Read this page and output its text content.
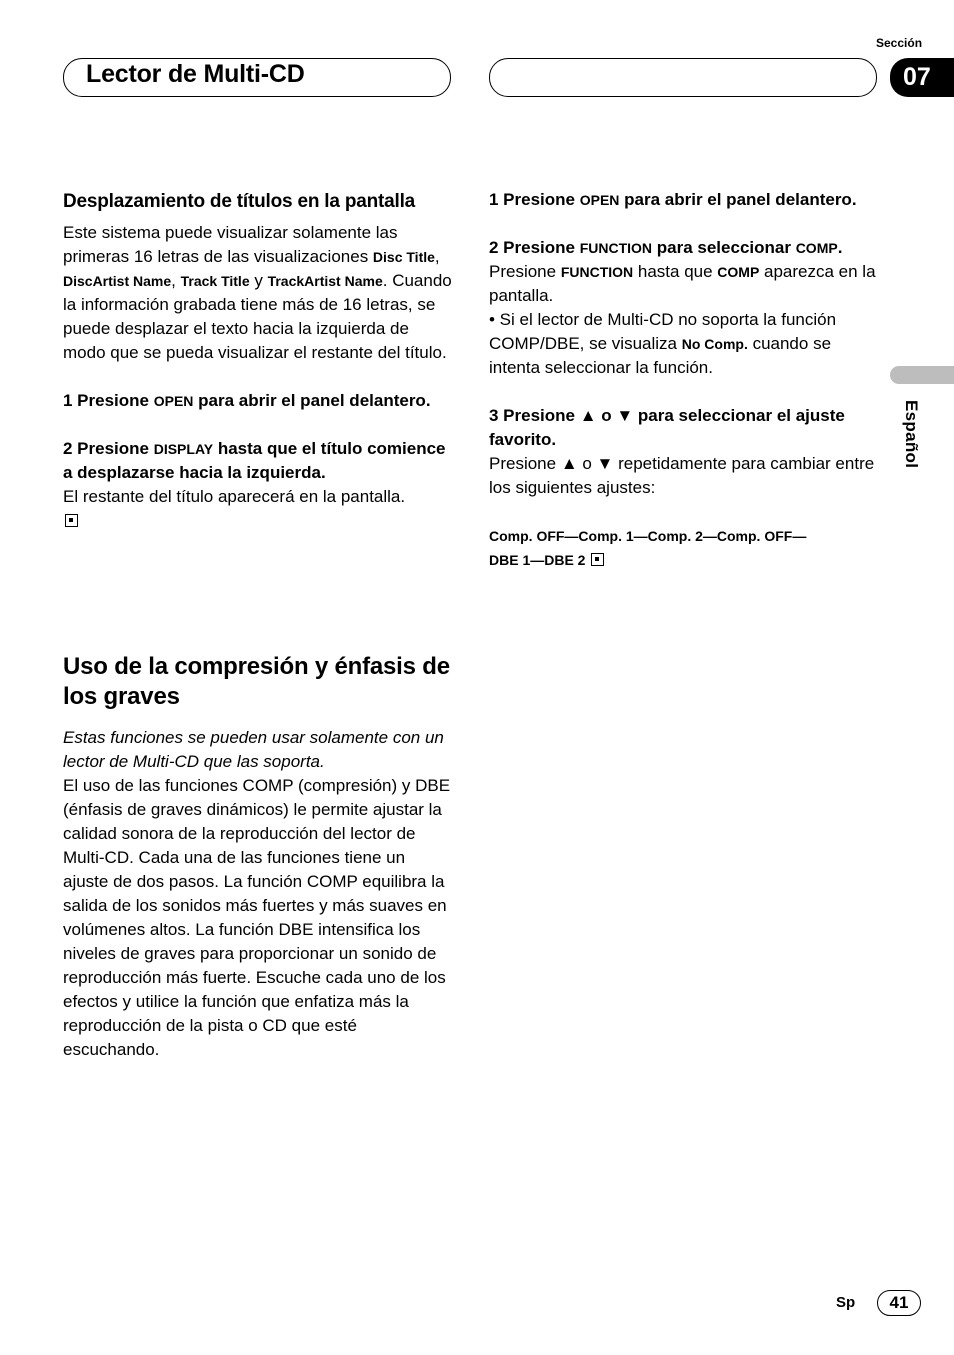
Lector de Multi-CD
Sección
07
Español

Desplazamiento de títulos en la pantalla

Este sistema puede visualizar solamente las primeras 16 letras de las visualizaciones Disc Title, DiscArtist Name, Track Title y TrackArtist Name. Cuando la información grabada tiene más de 16 letras, se puede desplazar el texto hacia la izquierda de modo que se pueda visualizar el restante del título.

1 Presione OPEN para abrir el panel delantero.

2 Presione DISPLAY hasta que el título comience a desplazarse hacia la izquierda.

El restante del título aparecerá en la pantalla.

Uso de la compresión y énfasis de los graves

Estas funciones se pueden usar solamente con un lector de Multi-CD que las soporta.

El uso de las funciones COMP (compresión) y DBE (énfasis de graves dinámicos) le permite ajustar la calidad sonora de la reproducción del lector de Multi-CD. Cada una de las funciones tiene un ajuste de dos pasos. La función COMP equilibra la salida de los sonidos más fuertes y más suaves en volúmenes altos. La función DBE intensifica los niveles de graves para proporcionar un sonido de reproducción más fuerte. Escuche cada uno de los efectos y utilice la función que enfatiza más la reproducción de la pista o CD que esté escuchando.

1 Presione OPEN para abrir el panel delantero.

2 Presione FUNCTION para seleccionar COMP.

Presione FUNCTION hasta que COMP aparezca en la pantalla.

• Si el lector de Multi-CD no soporta la función COMP/DBE, se visualiza No Comp. cuando se intenta seleccionar la función.

3 Presione ▲ o ▼ para seleccionar el ajuste favorito.

Presione ▲ o ▼ repetidamente para cambiar entre los siguientes ajustes:

Comp. OFF—Comp. 1—Comp. 2—Comp. OFF—
DBE 1—DBE 2

Sp	41
